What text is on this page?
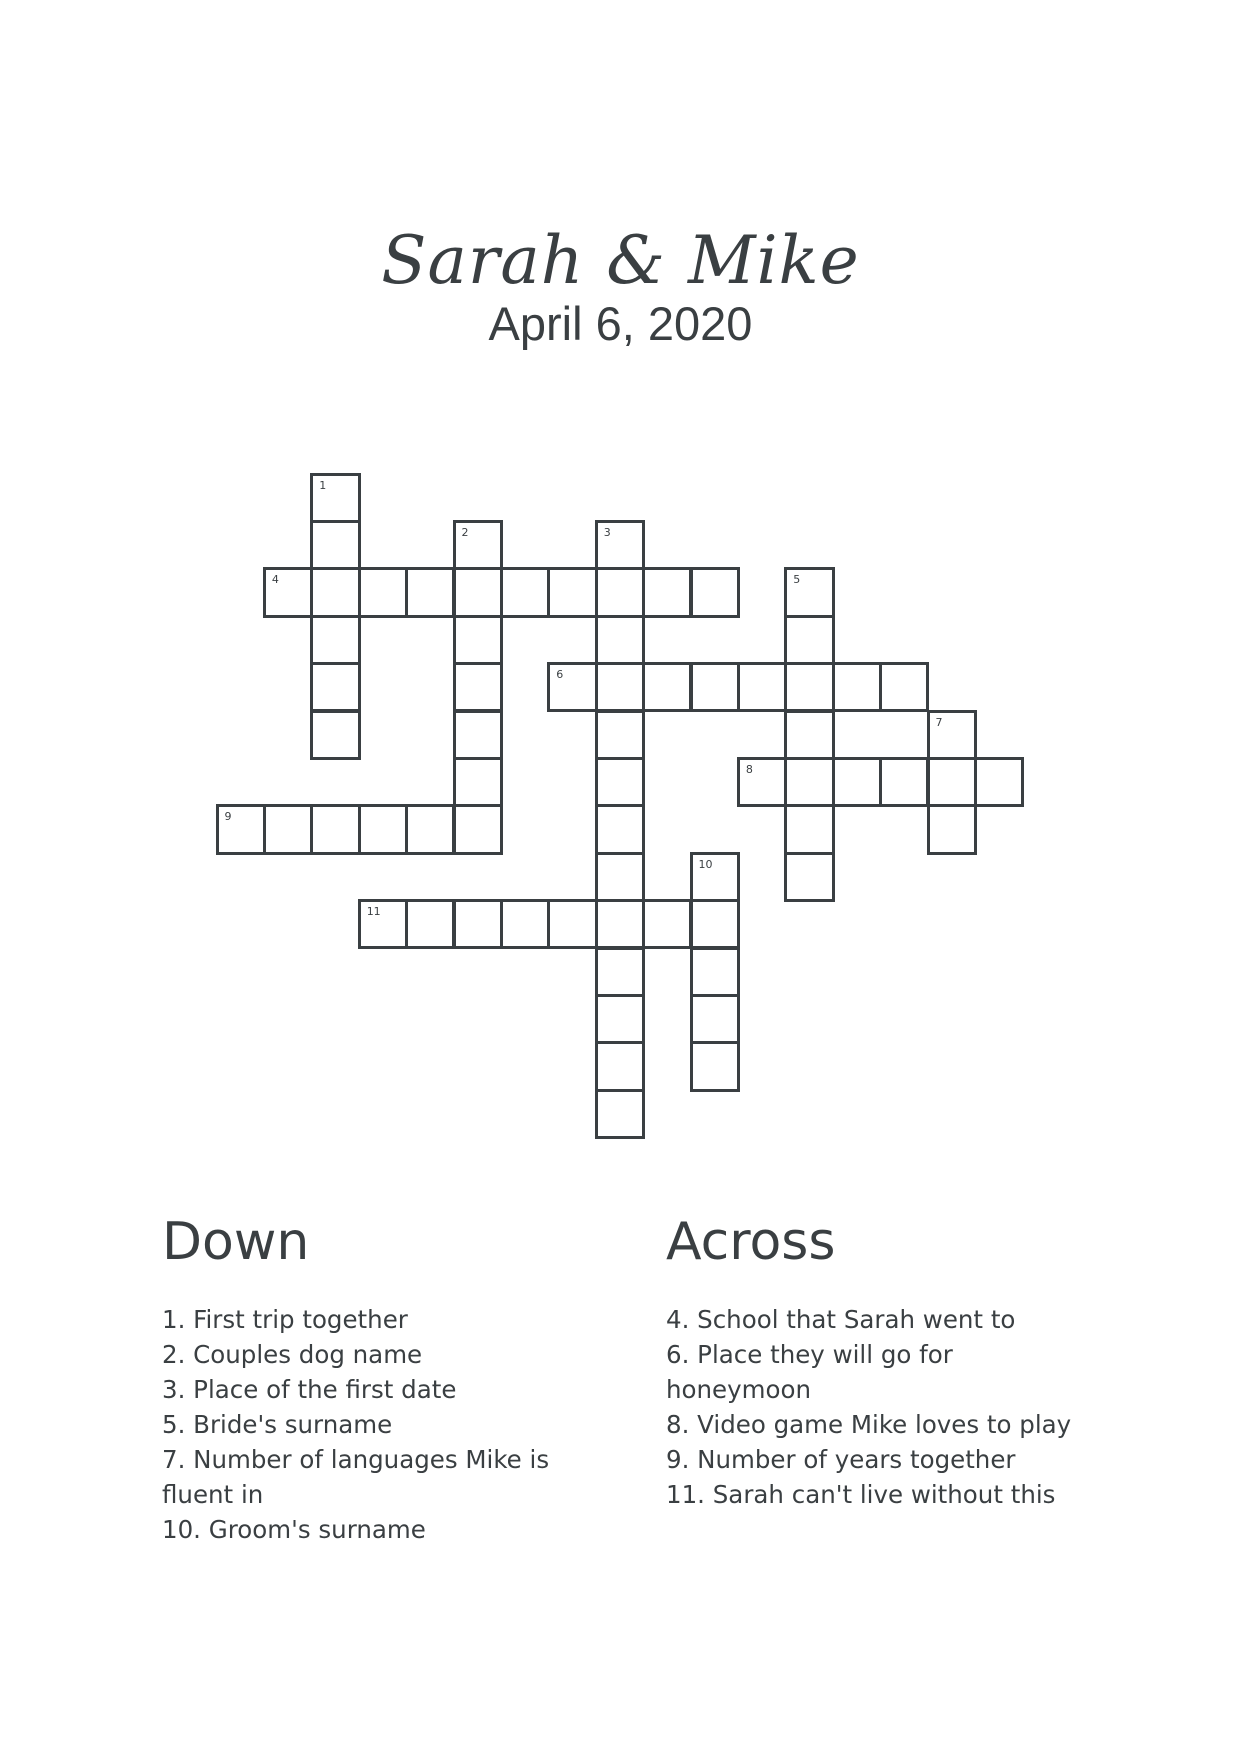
Sarah & Mike
April 6, 2020
1
2	3
4	5
6
7
8
9
10
11
Down
1. First trip together
2. Couples dog name
3. Place of the first date
5. Bride's surname
7. Number of languages Mike is fluent in
10. Groom's surname
Across
4. School that Sarah went to
6. Place they will go for honeymoon
8. Video game Mike loves to play
9. Number of years together
11. Sarah can't live without this
